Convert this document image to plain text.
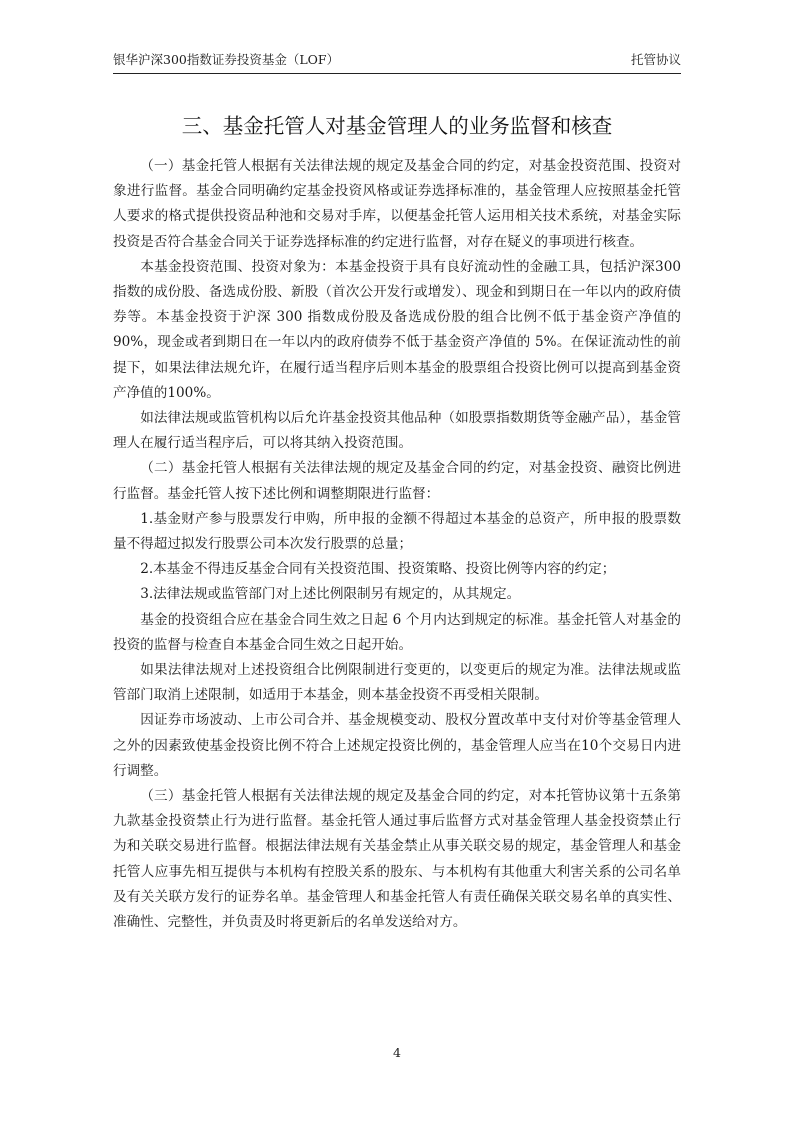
银华沪深300指数证券投资基金（LOF）	托管协议
三、基金托管人对基金管理人的业务监督和核查

（一）基金托管人根据有关法律法规的规定及基金合同的约定，对基金投资范围、投资对象进行监督。基金合同明确约定基金投资风格或证券选择标准的，基金管理人应按照基金托管人要求的格式提供投资品种池和交易对手库，以便基金托管人运用相关技术系统，对基金实际投资是否符合基金合同关于证券选择标准的约定进行监督，对存在疑义的事项进行核查。

本基金投资范围、投资对象为：本基金投资于具有良好流动性的金融工具，包括沪深300指数的成份股、备选成份股、新股（首次公开发行或增发）、现金和到期日在一年以内的政府债券等。本基金投资于沪深 300 指数成份股及备选成份股的组合比例不低于基金资产净值的90%，现金或者到期日在一年以内的政府债券不低于基金资产净值的 5%。在保证流动性的前提下，如果法律法规允许，在履行适当程序后则本基金的股票组合投资比例可以提高到基金资产净值的100%。

如法律法规或监管机构以后允许基金投资其他品种（如股票指数期货等金融产品），基金管理人在履行适当程序后，可以将其纳入投资范围。

（二）基金托管人根据有关法律法规的规定及基金合同的约定，对基金投资、融资比例进行监督。基金托管人按下述比例和调整期限进行监督：

1.基金财产参与股票发行申购，所申报的金额不得超过本基金的总资产，所申报的股票数量不得超过拟发行股票公司本次发行股票的总量；

2.本基金不得违反基金合同有关投资范围、投资策略、投资比例等内容的约定；

3.法律法规或监管部门对上述比例限制另有规定的，从其规定。

基金的投资组合应在基金合同生效之日起 6 个月内达到规定的标准。基金托管人对基金的投资的监督与检查自本基金合同生效之日起开始。

如果法律法规对上述投资组合比例限制进行变更的，以变更后的规定为准。法律法规或监管部门取消上述限制，如适用于本基金，则本基金投资不再受相关限制。

因证券市场波动、上市公司合并、基金规模变动、股权分置改革中支付对价等基金管理人之外的因素致使基金投资比例不符合上述规定投资比例的，基金管理人应当在10个交易日内进行调整。

（三）基金托管人根据有关法律法规的规定及基金合同的约定，对本托管协议第十五条第九款基金投资禁止行为进行监督。基金托管人通过事后监督方式对基金管理人基金投资禁止行为和关联交易进行监督。根据法律法规有关基金禁止从事关联交易的规定，基金管理人和基金托管人应事先相互提供与本机构有控股关系的股东、与本机构有其他重大利害关系的公司名单及有关关联方发行的证券名单。基金管理人和基金托管人有责任确保关联交易名单的真实性、准确性、完整性，并负责及时将更新后的名单发送给对方。

4
